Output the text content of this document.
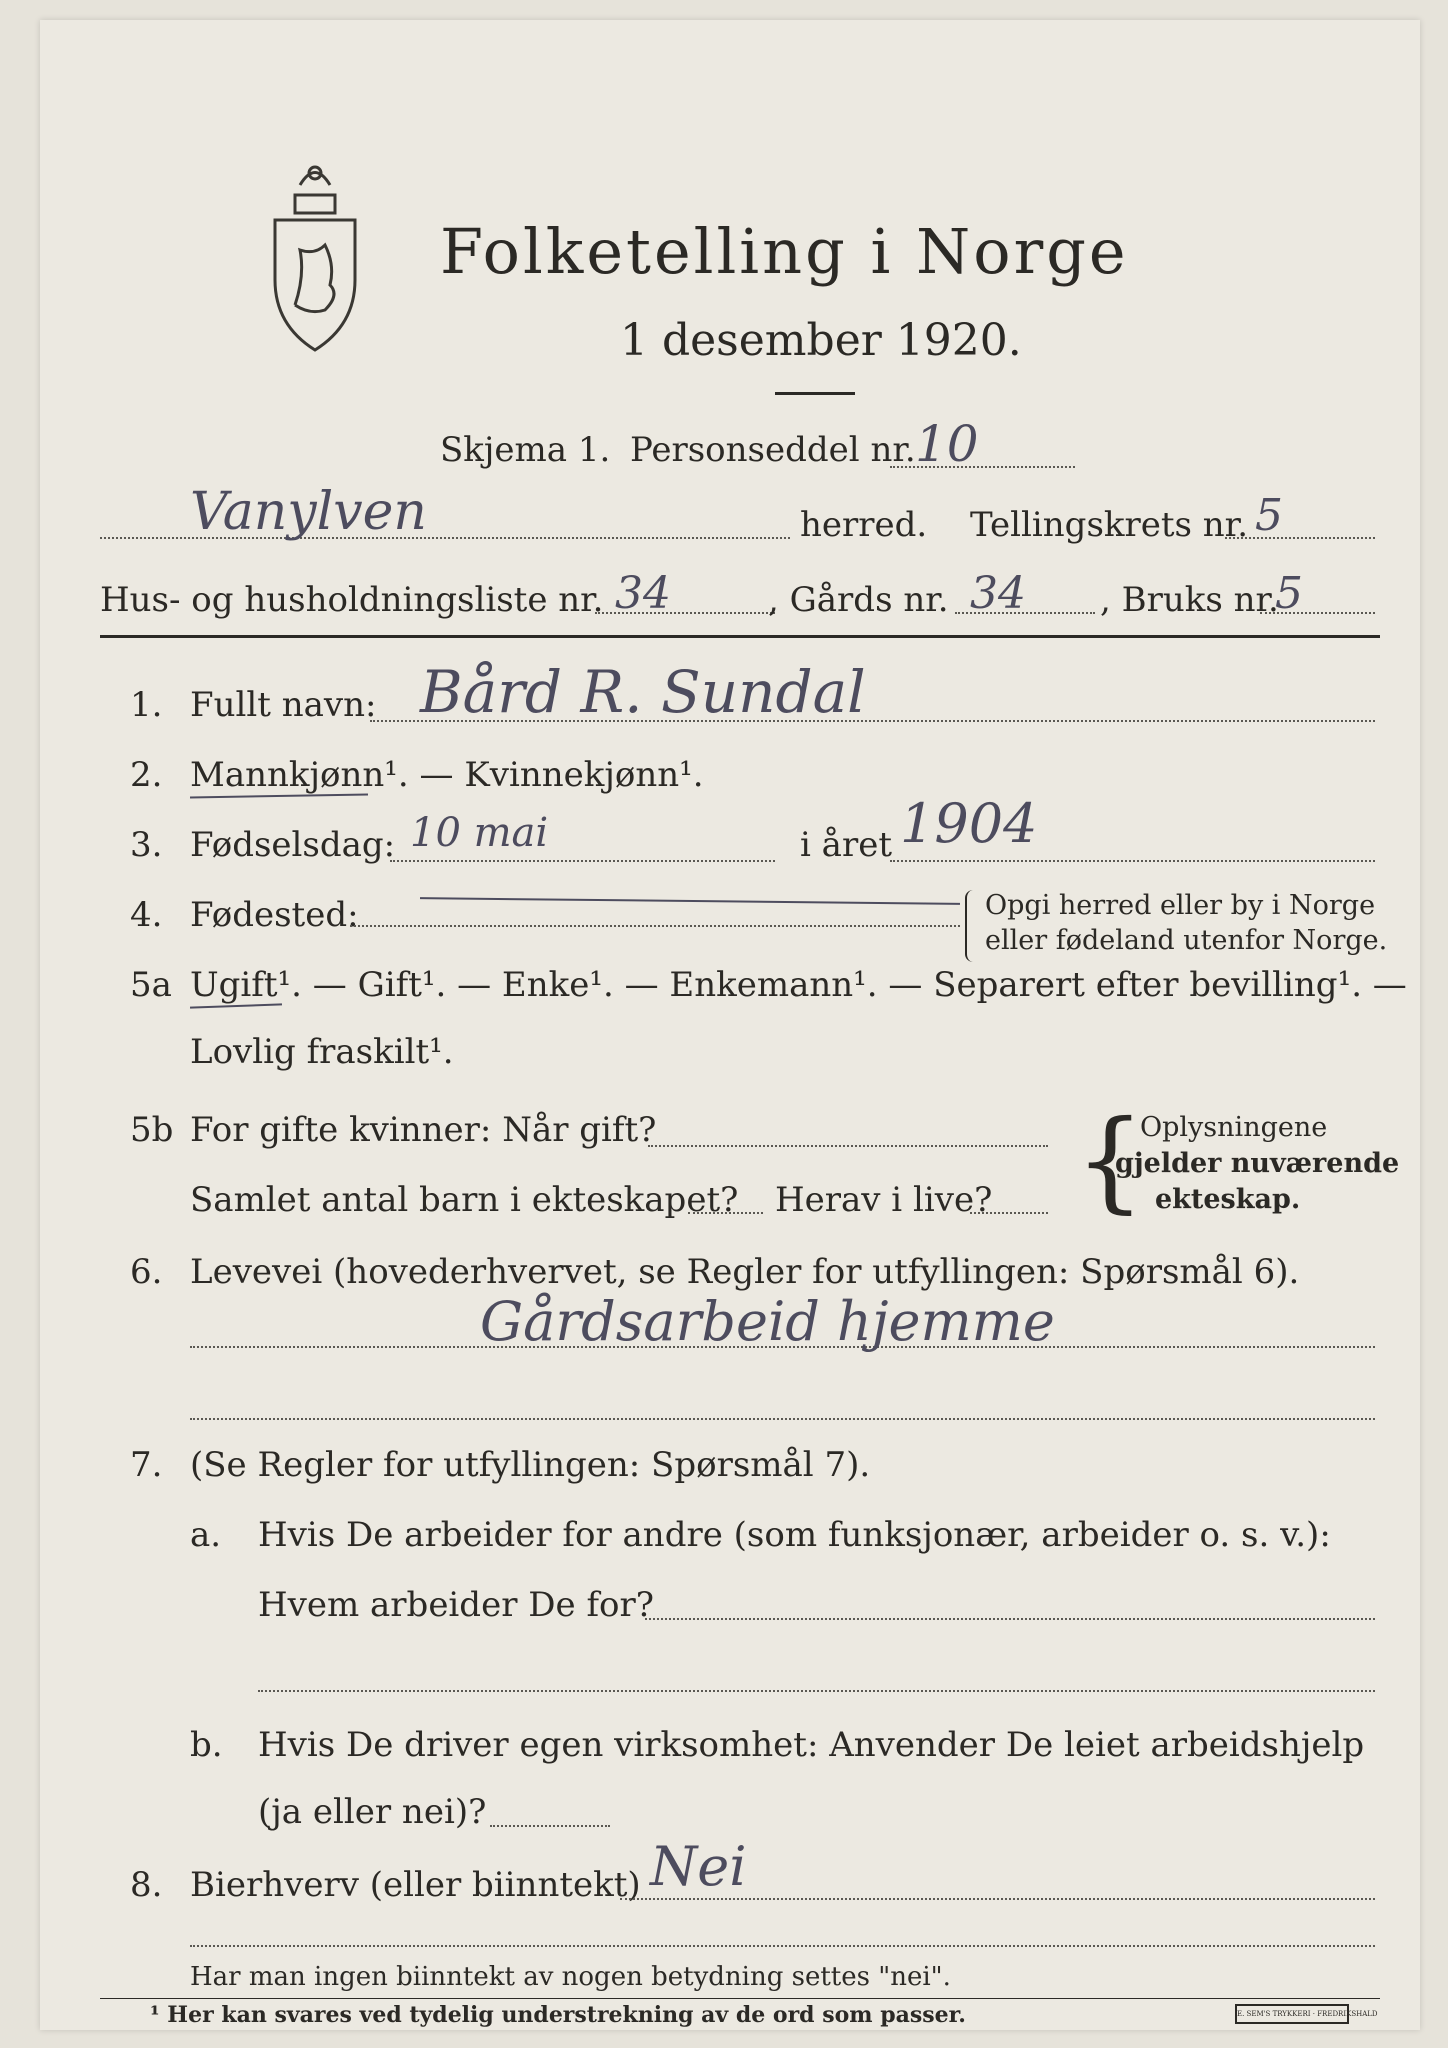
Folketelling i Norge
1 desember 1920.
Skjema 1. Personseddel nr. 10
Vanylven	herred. Tellingskrets nr. 5
Hus- og husholdningsliste nr. 34	, Gårds nr. 34 , Bruks nr.
5
1. Fullt navn: Bård R. Sundal
2. Mannkjønn¹. — Kvinnekjønn¹.
3. Fødselsdag: 10 mai	i året 1904
4. Fødested:	Opgi herred eller by i Norge
eller fødeland utenfor Norge.
5a Ugift¹. — Gift¹. — Enke¹. — Enkemann¹. — Separert efter bevilling¹. —
Lovlig fraskilt¹.
5b For gifte kvinner: Når gift?
Samlet antal barn i ekteskapet? Herav i live? {
Oplysningene
gjelder nuværende
ekteskap.
6. Levevei (hovederhvervet, se Regler for utfyllingen: Spørsmål 6).
Gårdsarbeid hjemme
7. (Se Regler for utfyllingen: Spørsmål 7).
a. Hvis De arbeider for andre (som funksjonær, arbeider o. s. v.):
Hvem arbeider De for?
b. Hvis De driver egen virksomhet: Anvender De leiet arbeidshjelp
(ja eller nei)?
8. Bierhverv (eller biinntekt) Nei
Har man ingen biinntekt av nogen betydning settes "nei".
¹ Her kan svares ved tydelig understrekning av de ord som passer.	E. SEM'S TRYKKERI · FREDRIKSHALD
